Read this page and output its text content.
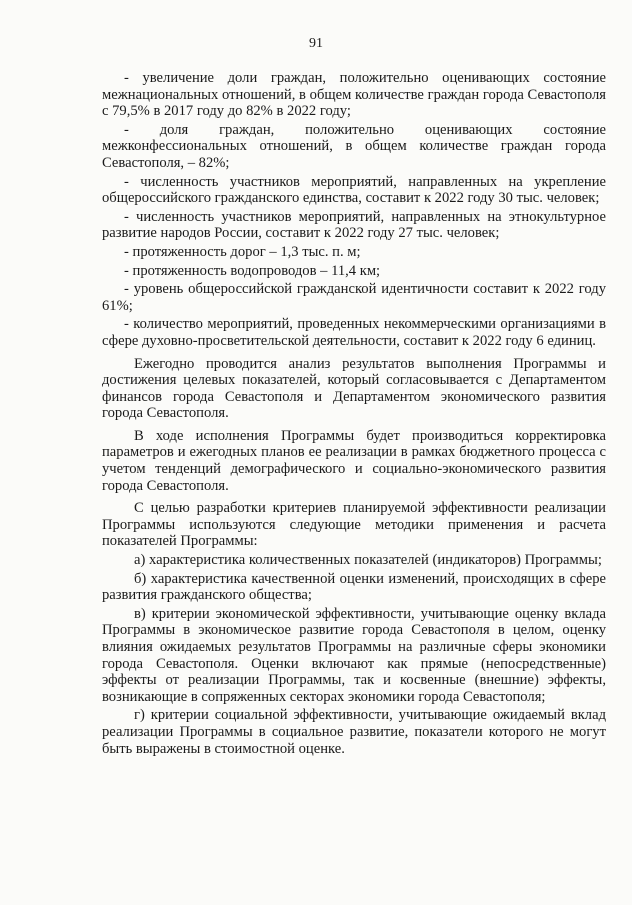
91

- увеличение доли граждан, положительно оценивающих состояние межнациональных отношений, в общем количестве граждан города Севастополя с 79,5% в 2017 году до 82% в 2022 году;

- доля граждан, положительно оценивающих состояние межконфессиональных отношений, в общем количестве граждан города Севастополя, – 82%;

- численность участников мероприятий, направленных на укрепление общероссийского гражданского единства, составит к 2022 году 30 тыс. человек;

- численность участников мероприятий, направленных на этнокультурное развитие народов России, составит к 2022 году 27 тыс. человек;

- протяженность дорог – 1,3 тыс. п. м;

- протяженность водопроводов – 11,4 км;

- уровень общероссийской гражданской идентичности составит к 2022 году 61%;

- количество мероприятий, проведенных некоммерческими организациями в сфере духовно-просветительской деятельности, составит к 2022 году 6 единиц.

Ежегодно проводится анализ результатов выполнения Программы и достижения целевых показателей, который согласовывается с Департаментом финансов города Севастополя и Департаментом экономического развития города Севастополя.

В ходе исполнения Программы будет производиться корректировка параметров и ежегодных планов ее реализации в рамках бюджетного процесса с учетом тенденций демографического и социально-экономического развития города Севастополя.

С целью разработки критериев планируемой эффективности реализации Программы используются следующие методики применения и расчета показателей Программы:

а) характеристика количественных показателей (индикаторов) Программы;

б) характеристика качественной оценки изменений, происходящих в сфере развития гражданского общества;

в) критерии экономической эффективности, учитывающие оценку вклада Программы в экономическое развитие города Севастополя в целом, оценку влияния ожидаемых результатов Программы на различные сферы экономики города Севастополя. Оценки включают как прямые (непосредственные) эффекты от реализации Программы, так и косвенные (внешние) эффекты, возникающие в сопряженных секторах экономики города Севастополя;

г) критерии социальной эффективности, учитывающие ожидаемый вклад реализации Программы в социальное развитие, показатели которого не могут быть выражены в стоимостной оценке.
